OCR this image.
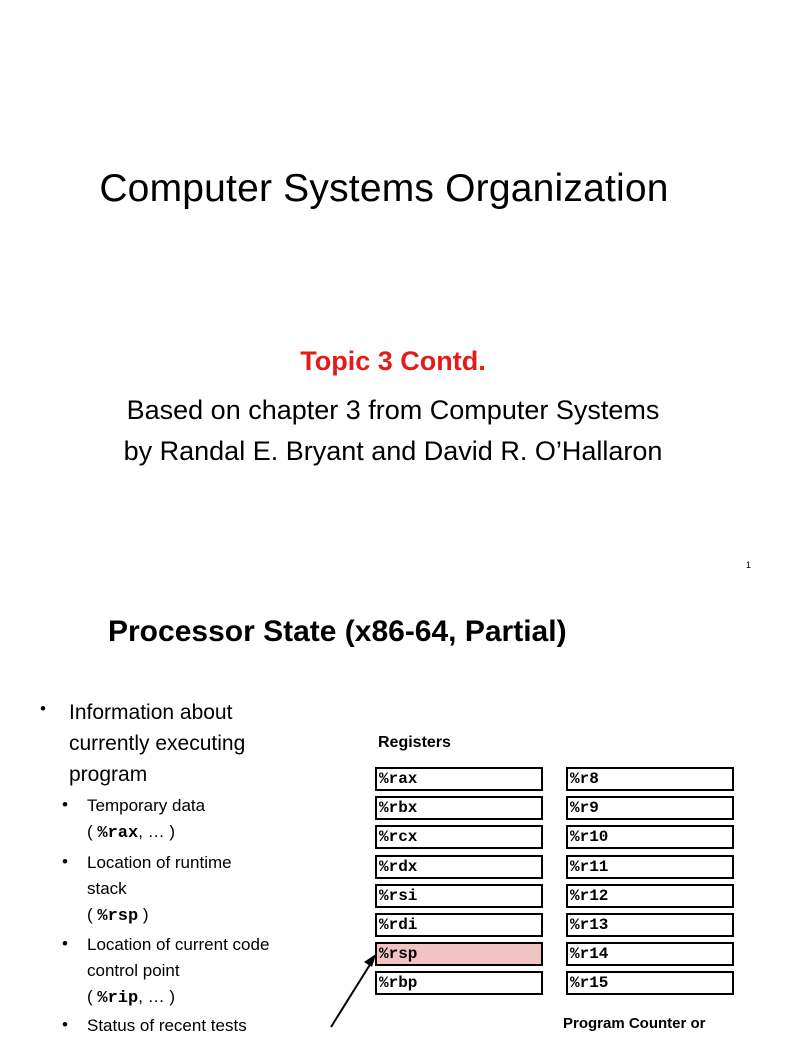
Computer Systems Organization
Topic 3 Contd.
Based on chapter 3 from Computer Systems
by Randal E. Bryant and David R. O’Hallaron
1
Processor State (x86-64, Partial)
• Information about
currently executing
program
• Temporary data
( %rax, … )
• Location of runtime
stack
( %rsp )
• Location of current code
control point
( %rip, … )
• Status of recent tests
Registers
%rax
%rbx
%rcx
%rdx
%rsi
%rdi
%rsp
%rbp
%r8
%r9
%r10
%r11
%r12
%r13
%r14
%r15
Program Counter or
